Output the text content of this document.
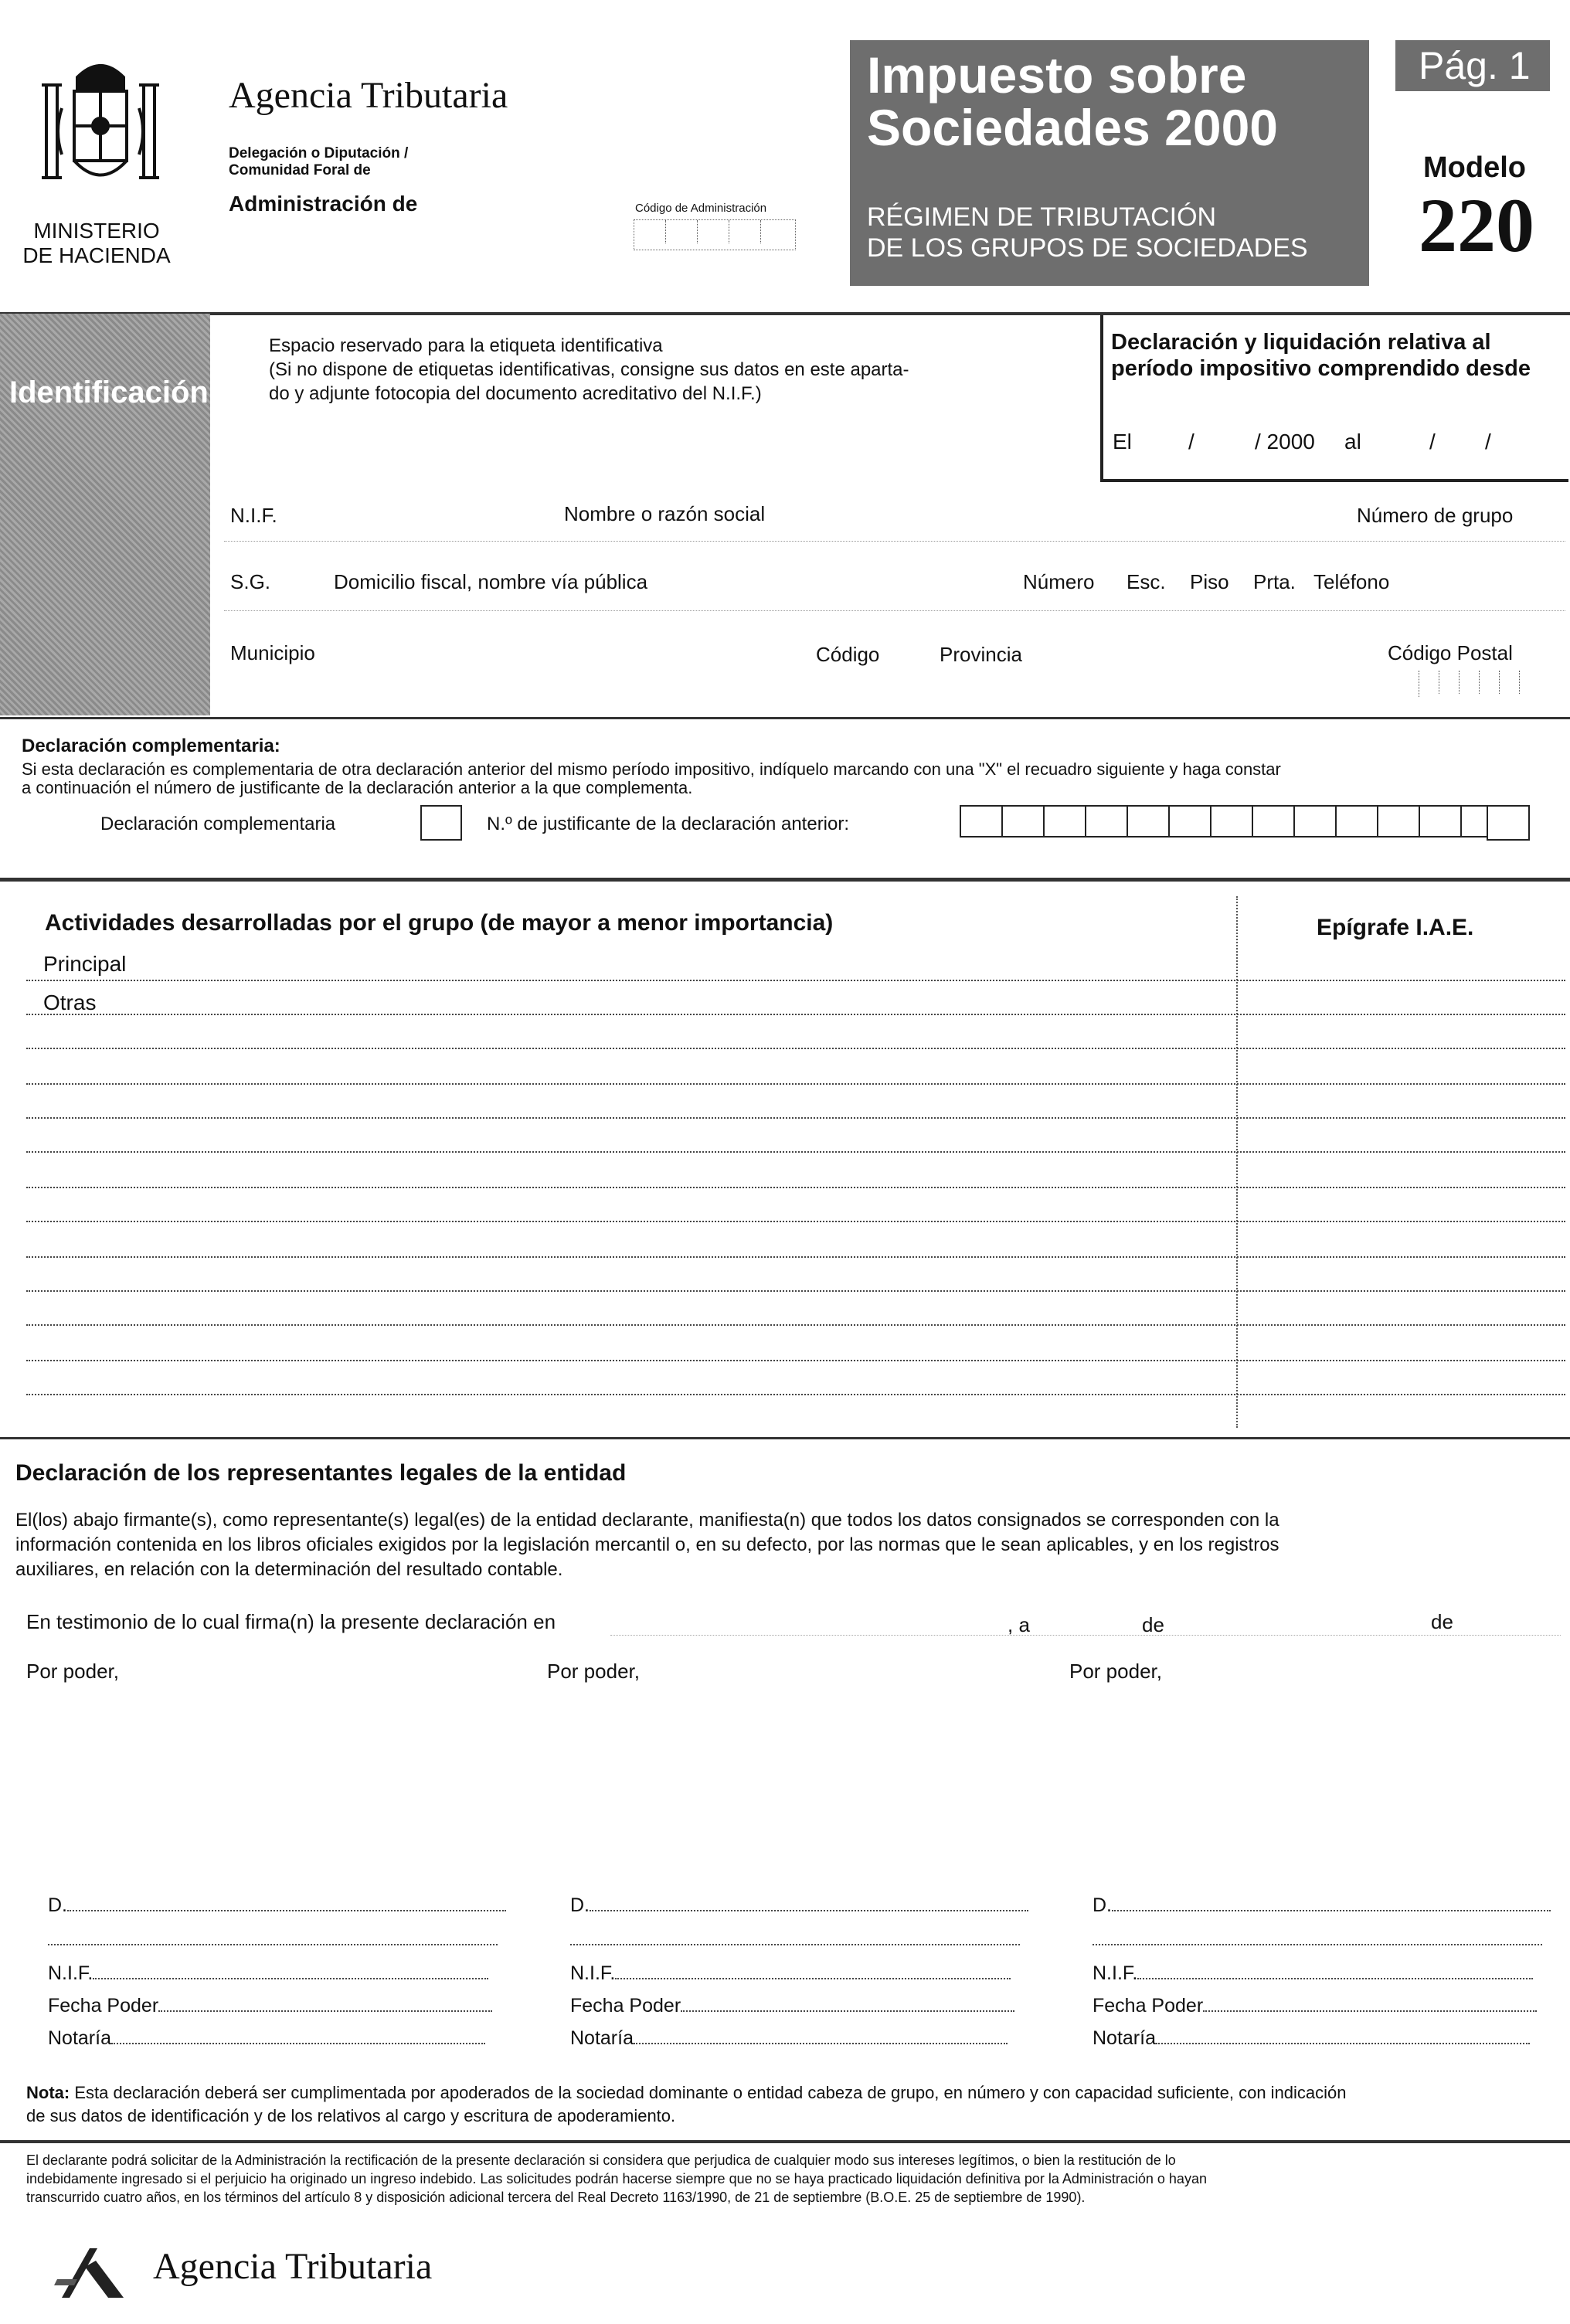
MINISTERIO
DE HACIENDA
Agencia Tributaria
Delegación o Diputación /
Comunidad Foral de
Administración de	Código de Administración
Impuesto sobre
Sociedades 2000
RÉGIMEN DE TRIBUTACIÓN
DE LOS GRUPOS DE SOCIEDADES
Pág. 1
Modelo
220
Identificación
Espacio reservado para la etiqueta identificativa
(Si no dispone de etiquetas identificativas, consigne sus datos en este aparta-
do y adjunte fotocopia del documento acreditativo del N.I.F.)
Declaración y liquidación relativa al
período impositivo comprendido desde
El	/	/ 2000 al	/ /
N.I.F.	Nombre o razón social	Número de grupo
S.G.	Domicilio fiscal, nombre vía pública	Número Esc. Piso Prta. Teléfono
Municipio	Código	Provincia	Código Postal
Declaración complementaria:
Si esta declaración es complementaria de otra declaración anterior del mismo período impositivo, indíquelo marcando con una "X" el recuadro siguiente y haga constar
a continuación el número de justificante de la declaración anterior a la que complementa.
Declaración complementaria	N.º de justificante de la declaración anterior:
Actividades desarrolladas por el grupo (de mayor a menor importancia)	Epígrafe I.A.E.
Principal
Otras
Declaración de los representantes legales de la entidad
El(los) abajo firmante(s), como representante(s) legal(es) de la entidad declarante, manifiesta(n) que todos los datos consignados se corresponden con la
información contenida en los libros oficiales exigidos por la legislación mercantil o, en su defecto, por las normas que le sean aplicables, y en los registros
auxiliares, en relación con la determinación del resultado contable.
En testimonio de lo cual firma(n) la presente declaración en	, a	de	de
Por poder,	Por poder,	Por poder,
D.
N.I.F.
Fecha Poder
Notaría
D.
N.I.F.
Fecha Poder
Notaría
D.
N.I.F.
Fecha Poder
Notaría
Nota: Esta declaración deberá ser cumplimentada por apoderados de la sociedad dominante o entidad cabeza de grupo, en número y con capacidad suficiente, con indicación
de sus datos de identificación y de los relativos al cargo y escritura de apoderamiento.
El declarante podrá solicitar de la Administración la rectificación de la presente declaración si considera que perjudica de cualquier modo sus intereses legítimos, o bien la restitución de lo
indebidamente ingresado si el perjuicio ha originado un ingreso indebido. Las solicitudes podrán hacerse siempre que no se haya practicado liquidación definitiva por la Administración o hayan
transcurrido cuatro años, en los términos del artículo 8 y disposición adicional tercera del Real Decreto 1163/1990, de 21 de septiembre (B.O.E. 25 de septiembre de 1990).
Agencia Tributaria
